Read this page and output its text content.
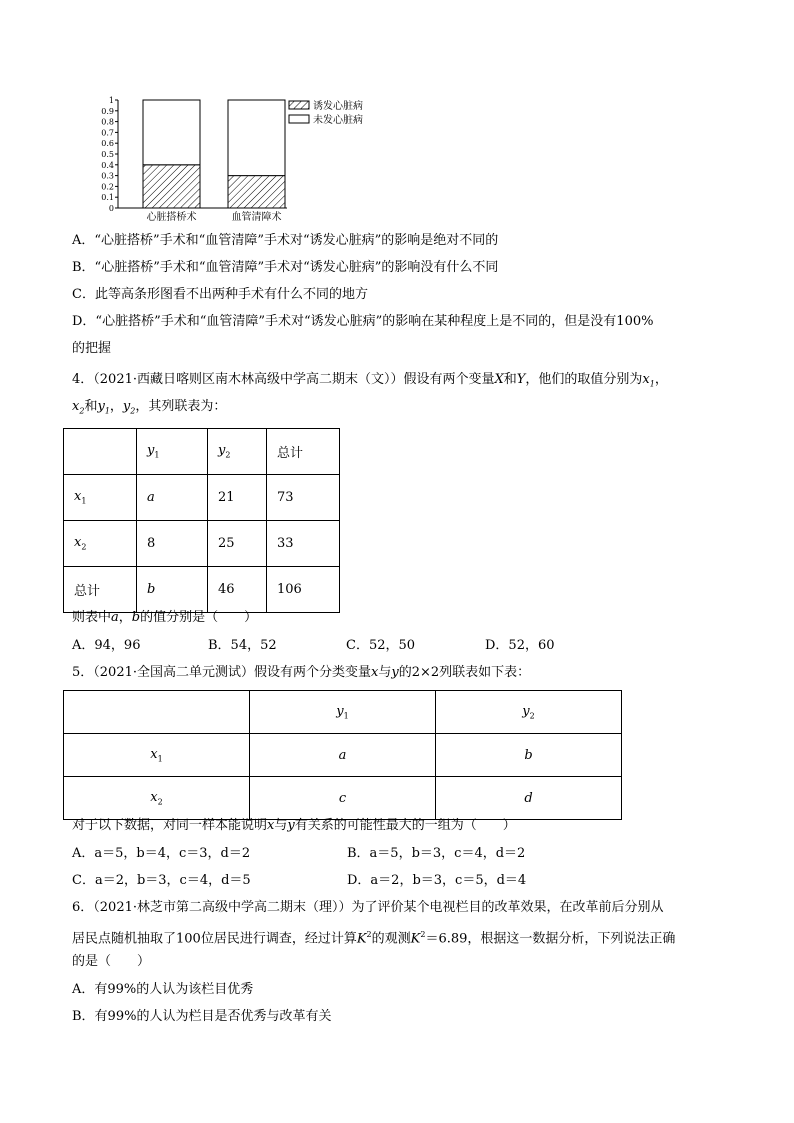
0
0.1
0.2
0.3
0.4
0.5
0.6
0.7
0.8
0.9
1
心脏搭桥术	血管清障术
诱发心脏病
未发心脏病
A．“心脏搭桥”手术和“血管清障”手术对“诱发心脏病”的影响是绝对不同的
B．“心脏搭桥”手术和“血管清障”手术对“诱发心脏病”的影响没有什么不同
C．此等高条形图看不出两种手术有什么不同的地方
D．“心脏搭桥”手术和“血管清障”手术对“诱发心脏病”的影响在某种程度上是不同的，但是没有100%
的把握
4．（2021·西藏日喀则区南木林高级中学高二期末（文））假设有两个变量X和Y，他们的取值分别为$x_1$，
$x_2$和$y_1$，$y_2$，其列联表为：
	$y_1$	$y_2$	总计
$x_1$	a	21	73
$x_2$	8	25	33
总计	b	46	106
则表中a，b的值分别是（　　）
A．94，96	B．54，52	C．52，50	D．52，60
5．（2021·全国高二单元测试）假设有两个分类变量x与y的2×2列联表如下表：
	$y_1$	$y_2$
$x_1$	a	b
$x_2$	c	d
对于以下数据，对同一样本能说明x与y有关系的可能性最大的一组为（　　）
A．a＝5，b＝4，c＝3，d＝2	B．a＝5，b＝3，c＝4，d＝2
C．a＝2，b＝3，c＝4，d＝5	D．a＝2，b＝3，c＝5，d＝4
6．（2021·林芝市第二高级中学高二期末（理））为了评价某个电视栏目的改革效果，在改革前后分别从
居民点随机抽取了100位居民进行调查，经过计算$K^2$的观测$K^2=6.89$，根据这一数据分析，下列说法正确
的是（　　）
A．有99%的人认为该栏目优秀
B．有99%的人认为栏目是否优秀与改革有关
